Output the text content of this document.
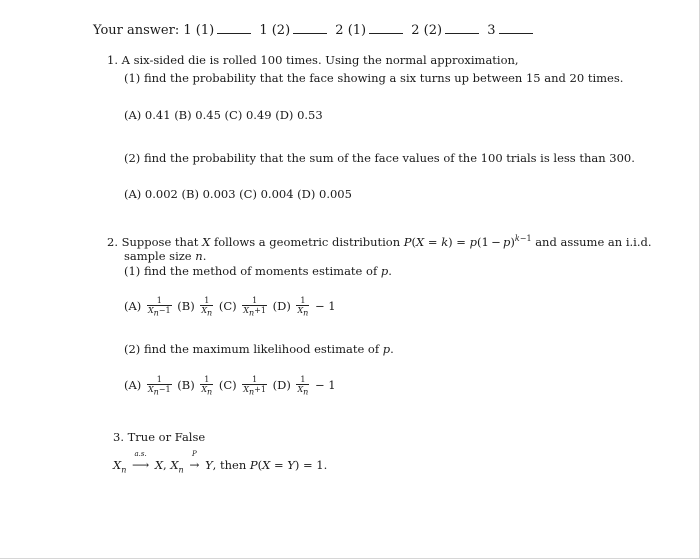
Your answer: 1 (1)	1 (2)	2 (1)	2 (2)	3
1. A six-sided die is rolled 100 times. Using the normal approximation,
(1) find the probability that the face showing a six turns up between 15 and 20 times.
(A) 0.41 (B) 0.45 (C) 0.49 (D) 0.53
(2) find the probability that the sum of the face values of the 100 trials is less than 300.
(A) 0.002 (B) 0.003 (C) 0.004 (D) 0.005
2. Suppose that X follows a geometric distribution $P(X = k) = p(1 - p)^{k-1}$ and assume an i.i.d.
sample size n.
(1) find the method of moments estimate of p.
$(A) \frac{1}{X̄_n-1} (B) \frac{1}{X̄_n} (C) \frac{1}{X̄_n+1} (D) \frac{1}{X̄_n} - 1$
(2) find the maximum likelihood estimate of p.
$(A) \frac{1}{X̄_n-1} (B) \frac{1}{X̄_n} (C) \frac{1}{X̄_n+1} (D) \frac{1}{X̄_n} - 1$
3. True or False
$X_n$
a.s.
⟶ X, $X_n$
P
→ Y, then P(X = Y) = 1.
